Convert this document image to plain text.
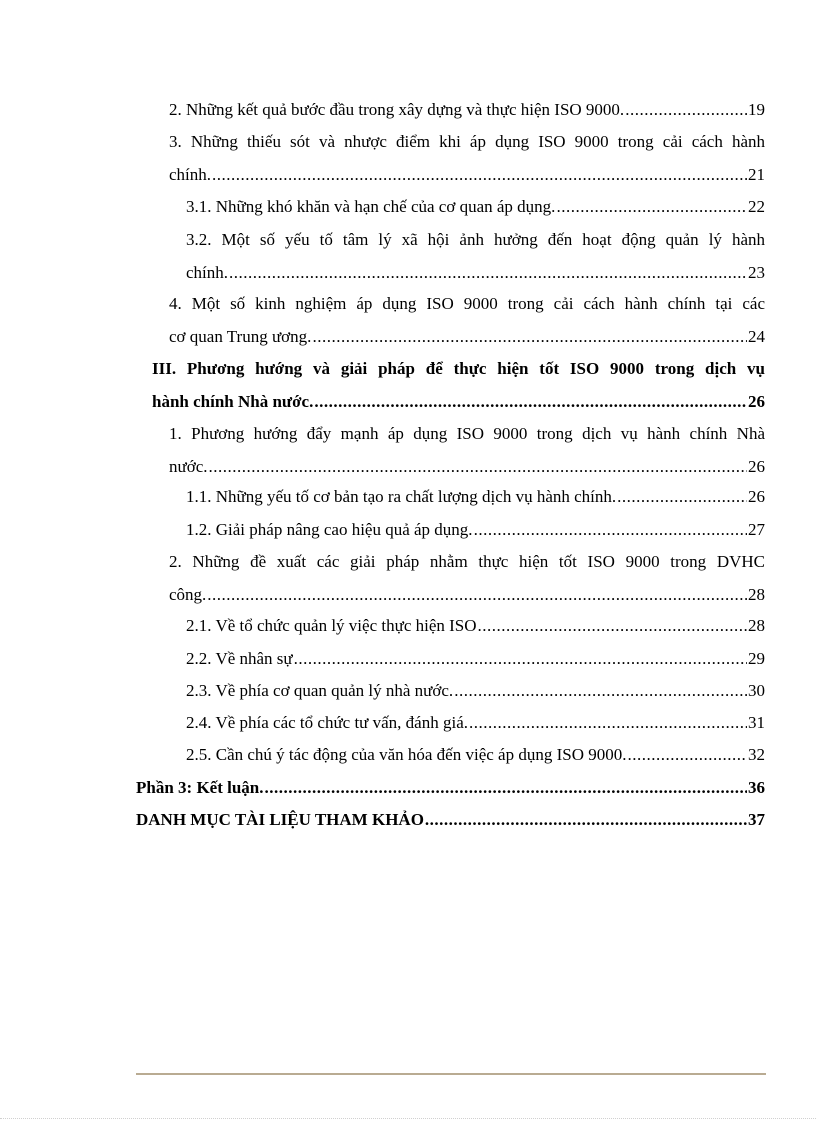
2. Những kết quả bước đầu trong xây dựng và thực hiện ISO 9000. .....	19
3. Những thiếu sót và nhược điểm khi áp dụng ISO 9000 trong cải cách hành
chính. .....	21
3.1. Những khó khăn và hạn chế của cơ quan áp dụng. .....	22
3.2. Một số yếu tố tâm lý xã hội ảnh hưởng đến hoạt động quản lý hành
chính. .....	23
4. Một số kinh nghiệm áp dụng ISO 9000 trong cải cách hành chính tại các
cơ quan Trung ương. .....	24
III. Phương hướng và giải pháp để thực hiện tốt ISO 9000 trong dịch vụ
hành chính Nhà nước. .....	26
1. Phương hướng đẩy mạnh áp dụng ISO 9000 trong dịch vụ hành chính Nhà
nước. .....	26
1.1. Những yếu tố cơ bản tạo ra chất lượng dịch vụ hành chính. .....	26
1.2. Giải pháp nâng cao hiệu quả áp dụng. .....	27
2. Những đề xuất các giải pháp nhằm thực hiện tốt ISO 9000 trong DVHC
công. .....	28
2.1. Về tổ chức quản lý việc thực hiện ISO .....	28
2.2. Về nhân sự .....	29
2.3. Về phía cơ quan quản lý nhà nước. .....	30
2.4. Về phía các tổ chức tư vấn, đánh giá. .....	31
2.5. Cần chú ý tác động của văn hóa đến việc áp dụng ISO 9000. .....	32
Phần 3: Kết luận. .....	36
DANH MỤC TÀI LIỆU THAM KHẢO .....	37
